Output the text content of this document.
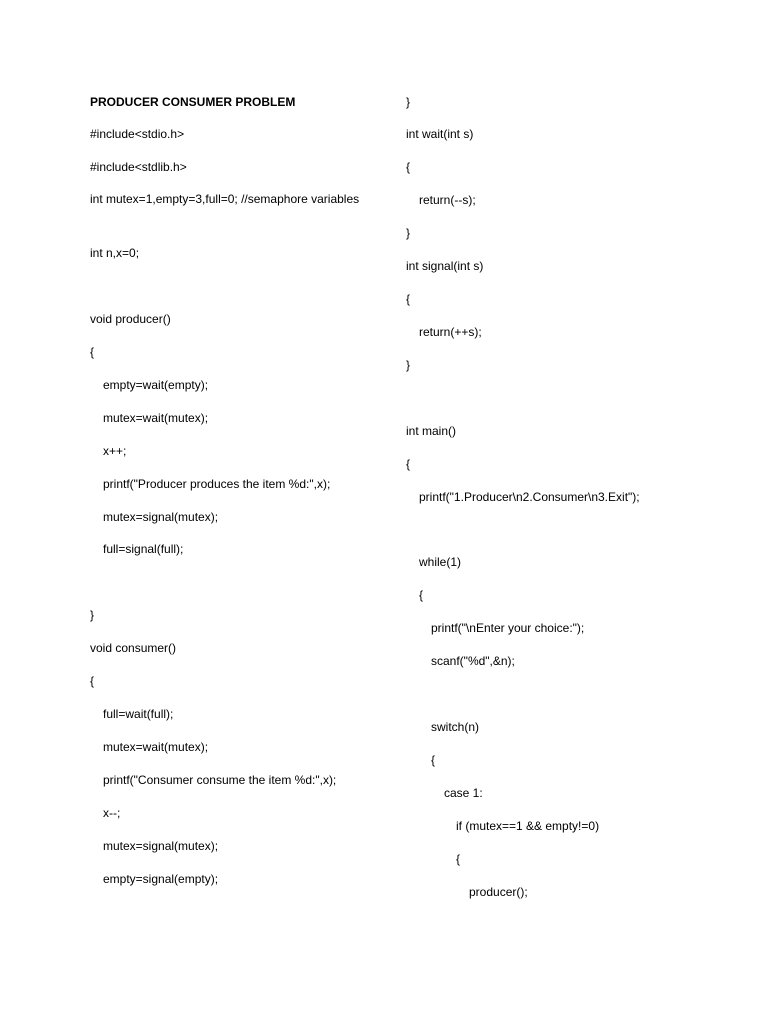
PRODUCER CONSUMER PROBLEM
#include<stdio.h>
#include<stdlib.h>
int mutex=1,empty=3,full=0; //semaphore variables
int n,x=0;
void producer()
{
empty=wait(empty);
mutex=wait(mutex);
x++;
printf("Producer produces the item %d:",x);
mutex=signal(mutex);
full=signal(full);
}
void consumer()
{
full=wait(full);
mutex=wait(mutex);
printf("Consumer consume the item %d:",x);
x--;
mutex=signal(mutex);
empty=signal(empty);
}
int wait(int s)
{
return(--s);
}
int signal(int s)
{
return(++s);
}
int main()
{
printf("1.Producer\n2.Consumer\n3.Exit");
while(1)
{
printf("\nEnter your choice:");
scanf("%d",&n);
switch(n)
{
case 1:
if (mutex==1 && empty!=0)
{
producer();
